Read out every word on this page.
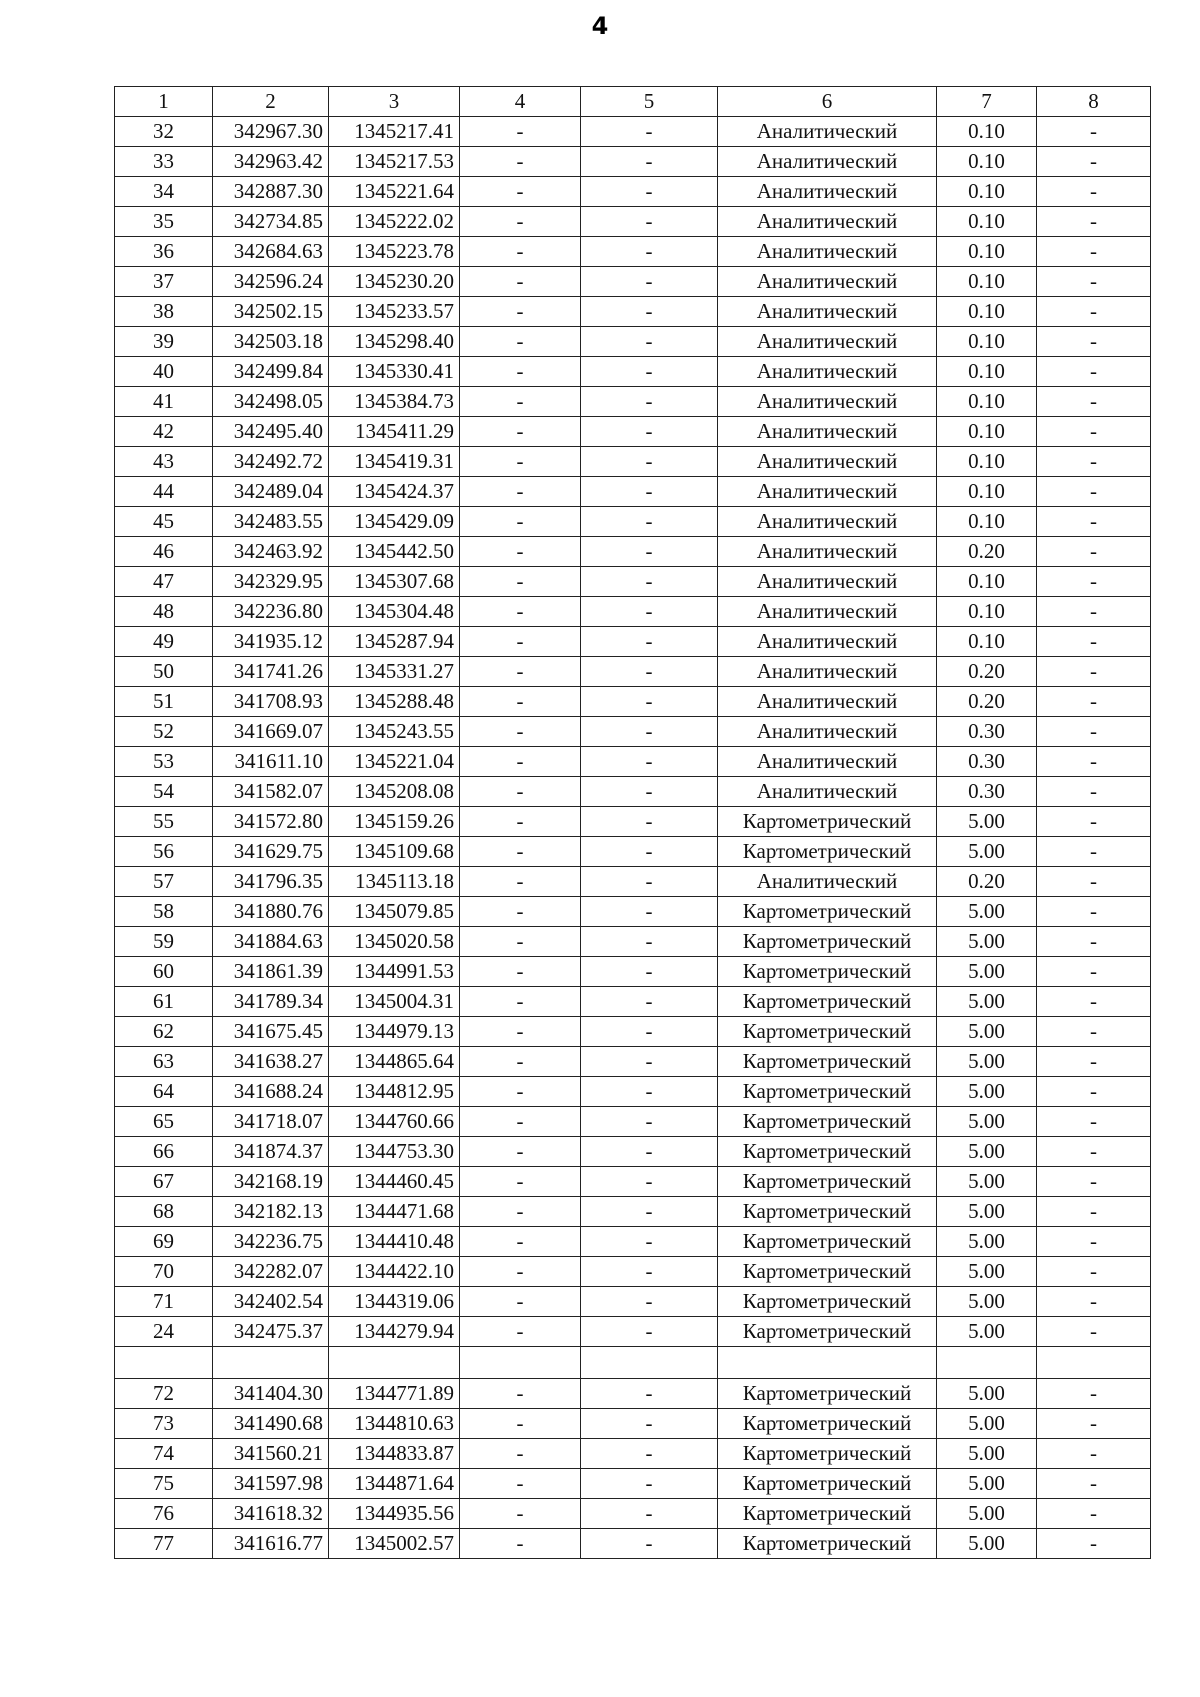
4
1	2	3	4	5	6	7	8
32	342967.30	1345217.41	-	-	Аналитический	0.10	-
33	342963.42	1345217.53	-	-	Аналитический	0.10	-
34	342887.30	1345221.64	-	-	Аналитический	0.10	-
35	342734.85	1345222.02	-	-	Аналитический	0.10	-
36	342684.63	1345223.78	-	-	Аналитический	0.10	-
37	342596.24	1345230.20	-	-	Аналитический	0.10	-
38	342502.15	1345233.57	-	-	Аналитический	0.10	-
39	342503.18	1345298.40	-	-	Аналитический	0.10	-
40	342499.84	1345330.41	-	-	Аналитический	0.10	-
41	342498.05	1345384.73	-	-	Аналитический	0.10	-
42	342495.40	1345411.29	-	-	Аналитический	0.10	-
43	342492.72	1345419.31	-	-	Аналитический	0.10	-
44	342489.04	1345424.37	-	-	Аналитический	0.10	-
45	342483.55	1345429.09	-	-	Аналитический	0.10	-
46	342463.92	1345442.50	-	-	Аналитический	0.20	-
47	342329.95	1345307.68	-	-	Аналитический	0.10	-
48	342236.80	1345304.48	-	-	Аналитический	0.10	-
49	341935.12	1345287.94	-	-	Аналитический	0.10	-
50	341741.26	1345331.27	-	-	Аналитический	0.20	-
51	341708.93	1345288.48	-	-	Аналитический	0.20	-
52	341669.07	1345243.55	-	-	Аналитический	0.30	-
53	341611.10	1345221.04	-	-	Аналитический	0.30	-
54	341582.07	1345208.08	-	-	Аналитический	0.30	-
55	341572.80	1345159.26	-	-	Картометрический	5.00	-
56	341629.75	1345109.68	-	-	Картометрический	5.00	-
57	341796.35	1345113.18	-	-	Аналитический	0.20	-
58	341880.76	1345079.85	-	-	Картометрический	5.00	-
59	341884.63	1345020.58	-	-	Картометрический	5.00	-
60	341861.39	1344991.53	-	-	Картометрический	5.00	-
61	341789.34	1345004.31	-	-	Картометрический	5.00	-
62	341675.45	1344979.13	-	-	Картометрический	5.00	-
63	341638.27	1344865.64	-	-	Картометрический	5.00	-
64	341688.24	1344812.95	-	-	Картометрический	5.00	-
65	341718.07	1344760.66	-	-	Картометрический	5.00	-
66	341874.37	1344753.30	-	-	Картометрический	5.00	-
67	342168.19	1344460.45	-	-	Картометрический	5.00	-
68	342182.13	1344471.68	-	-	Картометрический	5.00	-
69	342236.75	1344410.48	-	-	Картометрический	5.00	-
70	342282.07	1344422.10	-	-	Картометрический	5.00	-
71	342402.54	1344319.06	-	-	Картометрический	5.00	-
24	342475.37	1344279.94	-	-	Картометрический	5.00	-

72	341404.30	1344771.89	-	-	Картометрический	5.00	-
73	341490.68	1344810.63	-	-	Картометрический	5.00	-
74	341560.21	1344833.87	-	-	Картометрический	5.00	-
75	341597.98	1344871.64	-	-	Картометрический	5.00	-
76	341618.32	1344935.56	-	-	Картометрический	5.00	-
77	341616.77	1345002.57	-	-	Картометрический	5.00	-
